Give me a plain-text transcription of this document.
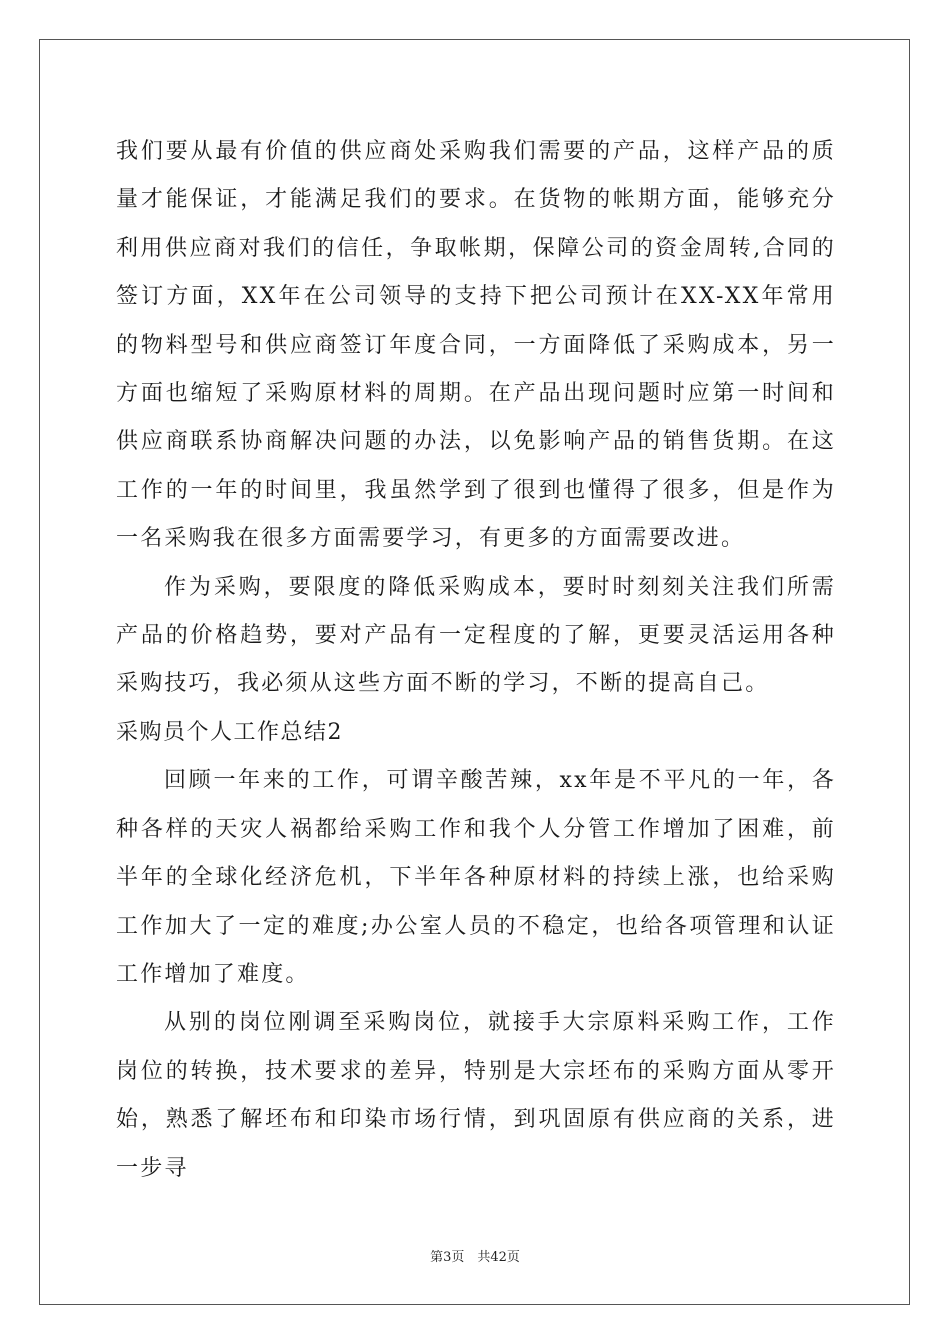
我们要从最有价值的供应商处采购我们需要的产品，这样产品的质量才能保证，才能满足我们的要求。在货物的帐期方面，能够充分利用供应商对我们的信任，争取帐期，保障公司的资金周转,合同的签订方面，XX年在公司领导的支持下把公司预计在XX-XX年常用的物料型号和供应商签订年度合同，一方面降低了采购成本，另一方面也缩短了采购原材料的周期。在产品出现问题时应第一时间和供应商联系协商解决问题的办法，以免影响产品的销售货期。在这工作的一年的时间里，我虽然学到了很到也懂得了很多，但是作为一名采购我在很多方面需要学习，有更多的方面需要改进。

作为采购，要限度的降低采购成本，要时时刻刻关注我们所需产品的价格趋势，要对产品有一定程度的了解，更要灵活运用各种采购技巧，我必须从这些方面不断的学习，不断的提高自己。

采购员个人工作总结2

回顾一年来的工作，可谓辛酸苦辣，xx年是不平凡的一年，各种各样的天灾人祸都给采购工作和我个人分管工作增加了困难，前半年的全球化经济危机，下半年各种原材料的持续上涨，也给采购工作加大了一定的难度;办公室人员的不稳定，也给各项管理和认证工作增加了难度。

从别的岗位刚调至采购岗位，就接手大宗原料采购工作，工作岗位的转换，技术要求的差异，特别是大宗坯布的采购方面从零开始，熟悉了解坯布和印染市场行情，到巩固原有供应商的关系，进一步寻

第3页　共42页
